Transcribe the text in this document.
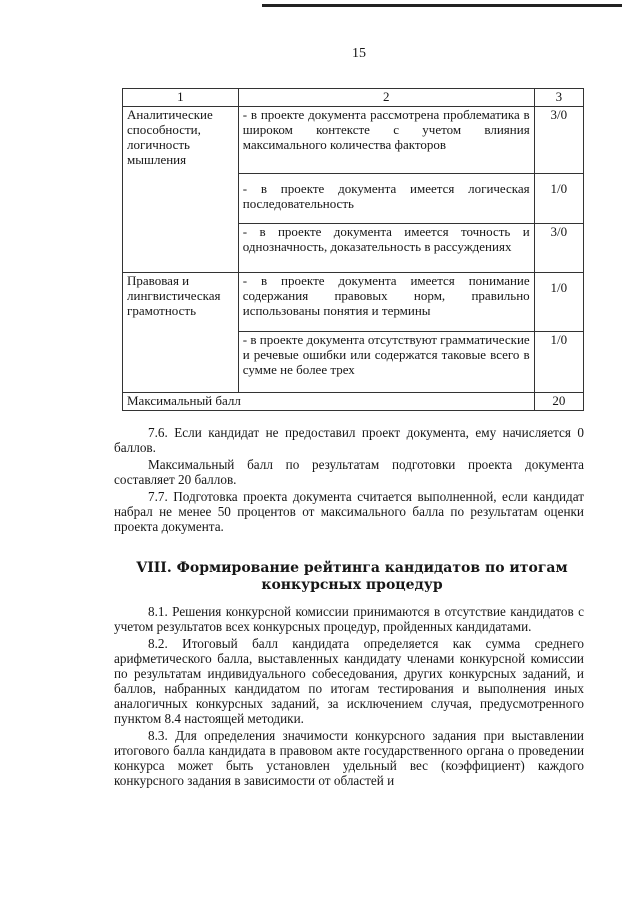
15
1	2	3
Аналитические способности, логичность мышления	- в проекте документа рассмотрена проблематика в широком контексте с учетом влияния максимального количества факторов	3/0
	- в проекте документа имеется логическая последовательность	1/0
	- в проекте документа имеется точность и однозначность, доказательность в рассуждениях	3/0
Правовая и лингвистическая грамотность	- в проекте документа имеется понимание содержания правовых норм, правильно использованы понятия и термины	1/0
	- в проекте документа отсутствуют грамматические и речевые ошибки или содержатся таковые всего в сумме не более трех	1/0
Максимальный балл		20

7.6. Если кандидат не предоставил проект документа, ему начисляется 0 баллов.

Максимальный балл по результатам подготовки проекта документа составляет 20 баллов.

7.7. Подготовка проекта документа считается выполненной, если кандидат набрал не менее 50 процентов от максимального балла по результатам оценки проекта документа.

VIII. Формирование рейтинга кандидатов по итогам конкурсных процедур

8.1. Решения конкурсной комиссии принимаются в отсутствие кандидатов с учетом результатов всех конкурсных процедур, пройденных кандидатами.

8.2. Итоговый балл кандидата определяется как сумма среднего арифметического балла, выставленных кандидату членами конкурсной комиссии по результатам индивидуального собеседования, других конкурсных заданий, и баллов, набранных кандидатом по итогам тестирования и выполнения иных аналогичных конкурсных заданий, за исключением случая, предусмотренного пунктом 8.4 настоящей методики.

8.3. Для определения значимости конкурсного задания при выставлении итогового балла кандидата в правовом акте государственного органа о проведении конкурса может быть установлен удельный вес (коэффициент) каждого конкурсного задания в зависимости от областей и
